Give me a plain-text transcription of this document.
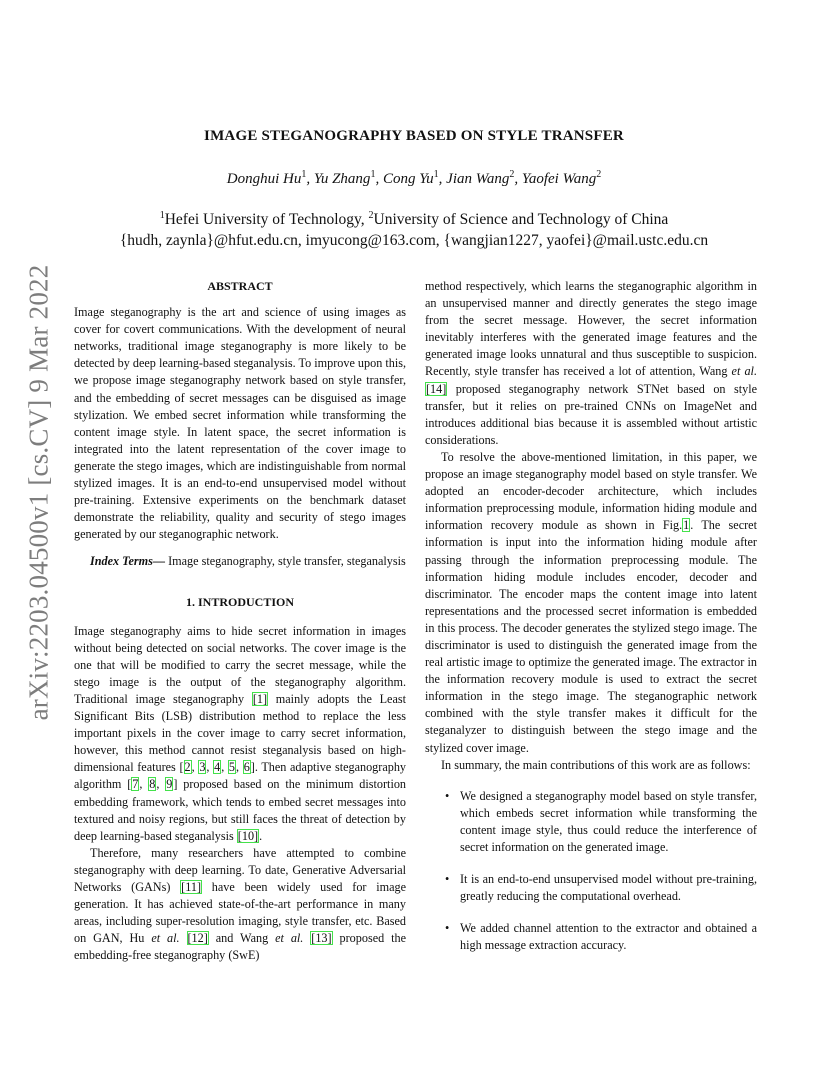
arXiv:2203.04500v1 [cs.CV] 9 Mar 2022
IMAGE STEGANOGRAPHY BASED ON STYLE TRANSFER
Donghui Hu$^1$, Yu Zhang$^1$, Cong Yu$^1$, Jian Wang$^2$, Yaofei Wang$^2$
$^1$Hefei University of Technology, $^2$University of Science and Technology of China
{hudh, zaynla}@hfut.edu.cn, imyucong@163.com, {wangjian1227, yaofei}@mail.ustc.edu.cn
ABSTRACT

Image steganography is the art and science of using images as cover for covert communications. With the development of neural networks, traditional image steganography is more likely to be detected by deep learning-based steganalysis. To improve upon this, we propose image steganography network based on style transfer, and the embedding of secret messages can be disguised as image stylization. We embed secret information while transforming the content image style. In latent space, the secret information is integrated into the latent representation of the cover image to generate the stego images, which are indistinguishable from normal stylized images. It is an end-to-end unsupervised model without pre-training. Extensive experiments on the benchmark dataset demonstrate the reliability, quality and security of stego images generated by our steganographic network.

Index Terms— Image steganography, style transfer, steganalysis

1. INTRODUCTION

Image steganography aims to hide secret information in images without being detected on social networks. The cover image is the one that will be modified to carry the secret message, while the stego image is the output of the steganography algorithm. Traditional image steganography [1] mainly adopts the Least Significant Bits (LSB) distribution method to replace the less important pixels in the cover image to carry secret information, however, this method cannot resist steganalysis based on high-dimensional features [2, 3, 4, 5, 6]. Then adaptive steganography algorithm [7, 8, 9] proposed based on the minimum distortion embedding framework, which tends to embed secret messages into textured and noisy regions, but still faces the threat of detection by deep learning-based steganalysis [10].

Therefore, many researchers have attempted to combine steganography with deep learning. To date, Generative Adversarial Networks (GANs) [11] have been widely used for image generation. It has achieved state-of-the-art performance in many areas, including super-resolution imaging, style transfer, etc. Based on GAN, Hu et al. [12] and Wang et al. [13] proposed the embedding-free steganography (SwE)

method respectively, which learns the steganographic algorithm in an unsupervised manner and directly generates the stego image from the secret message. However, the secret information inevitably interferes with the generated image features and the generated image looks unnatural and thus susceptible to suspicion. Recently, style transfer has received a lot of attention, Wang et al. [14] proposed steganography network STNet based on style transfer, but it relies on pre-trained CNNs on ImageNet and introduces additional bias because it is assembled without artistic considerations.

To resolve the above-mentioned limitation, in this paper, we propose an image steganography model based on style transfer. We adopted an encoder-decoder architecture, which includes information preprocessing module, information hiding module and information recovery module as shown in Fig.1. The secret information is input into the information hiding module after passing through the information preprocessing module. The information hiding module includes encoder, decoder and discriminator. The encoder maps the content image into latent representations and the processed secret information is embedded in this process. The decoder generates the stylized stego image. The discriminator is used to distinguish the generated image from the real artistic image to optimize the generated image. The extractor in the information recovery module is used to extract the secret information in the stego image. The steganographic network combined with the style transfer makes it difficult for the steganalyzer to distinguish between the stego image and the stylized cover image.

In summary, the main contributions of this work are as follows:

• We designed a steganography model based on style transfer, which embeds secret information while transforming the content image style, thus could reduce the interference of secret information on the generated image.
• It is an end-to-end unsupervised model without pre-training, greatly reducing the computational overhead.
• We added channel attention to the extractor and obtained a high message extraction accuracy.
